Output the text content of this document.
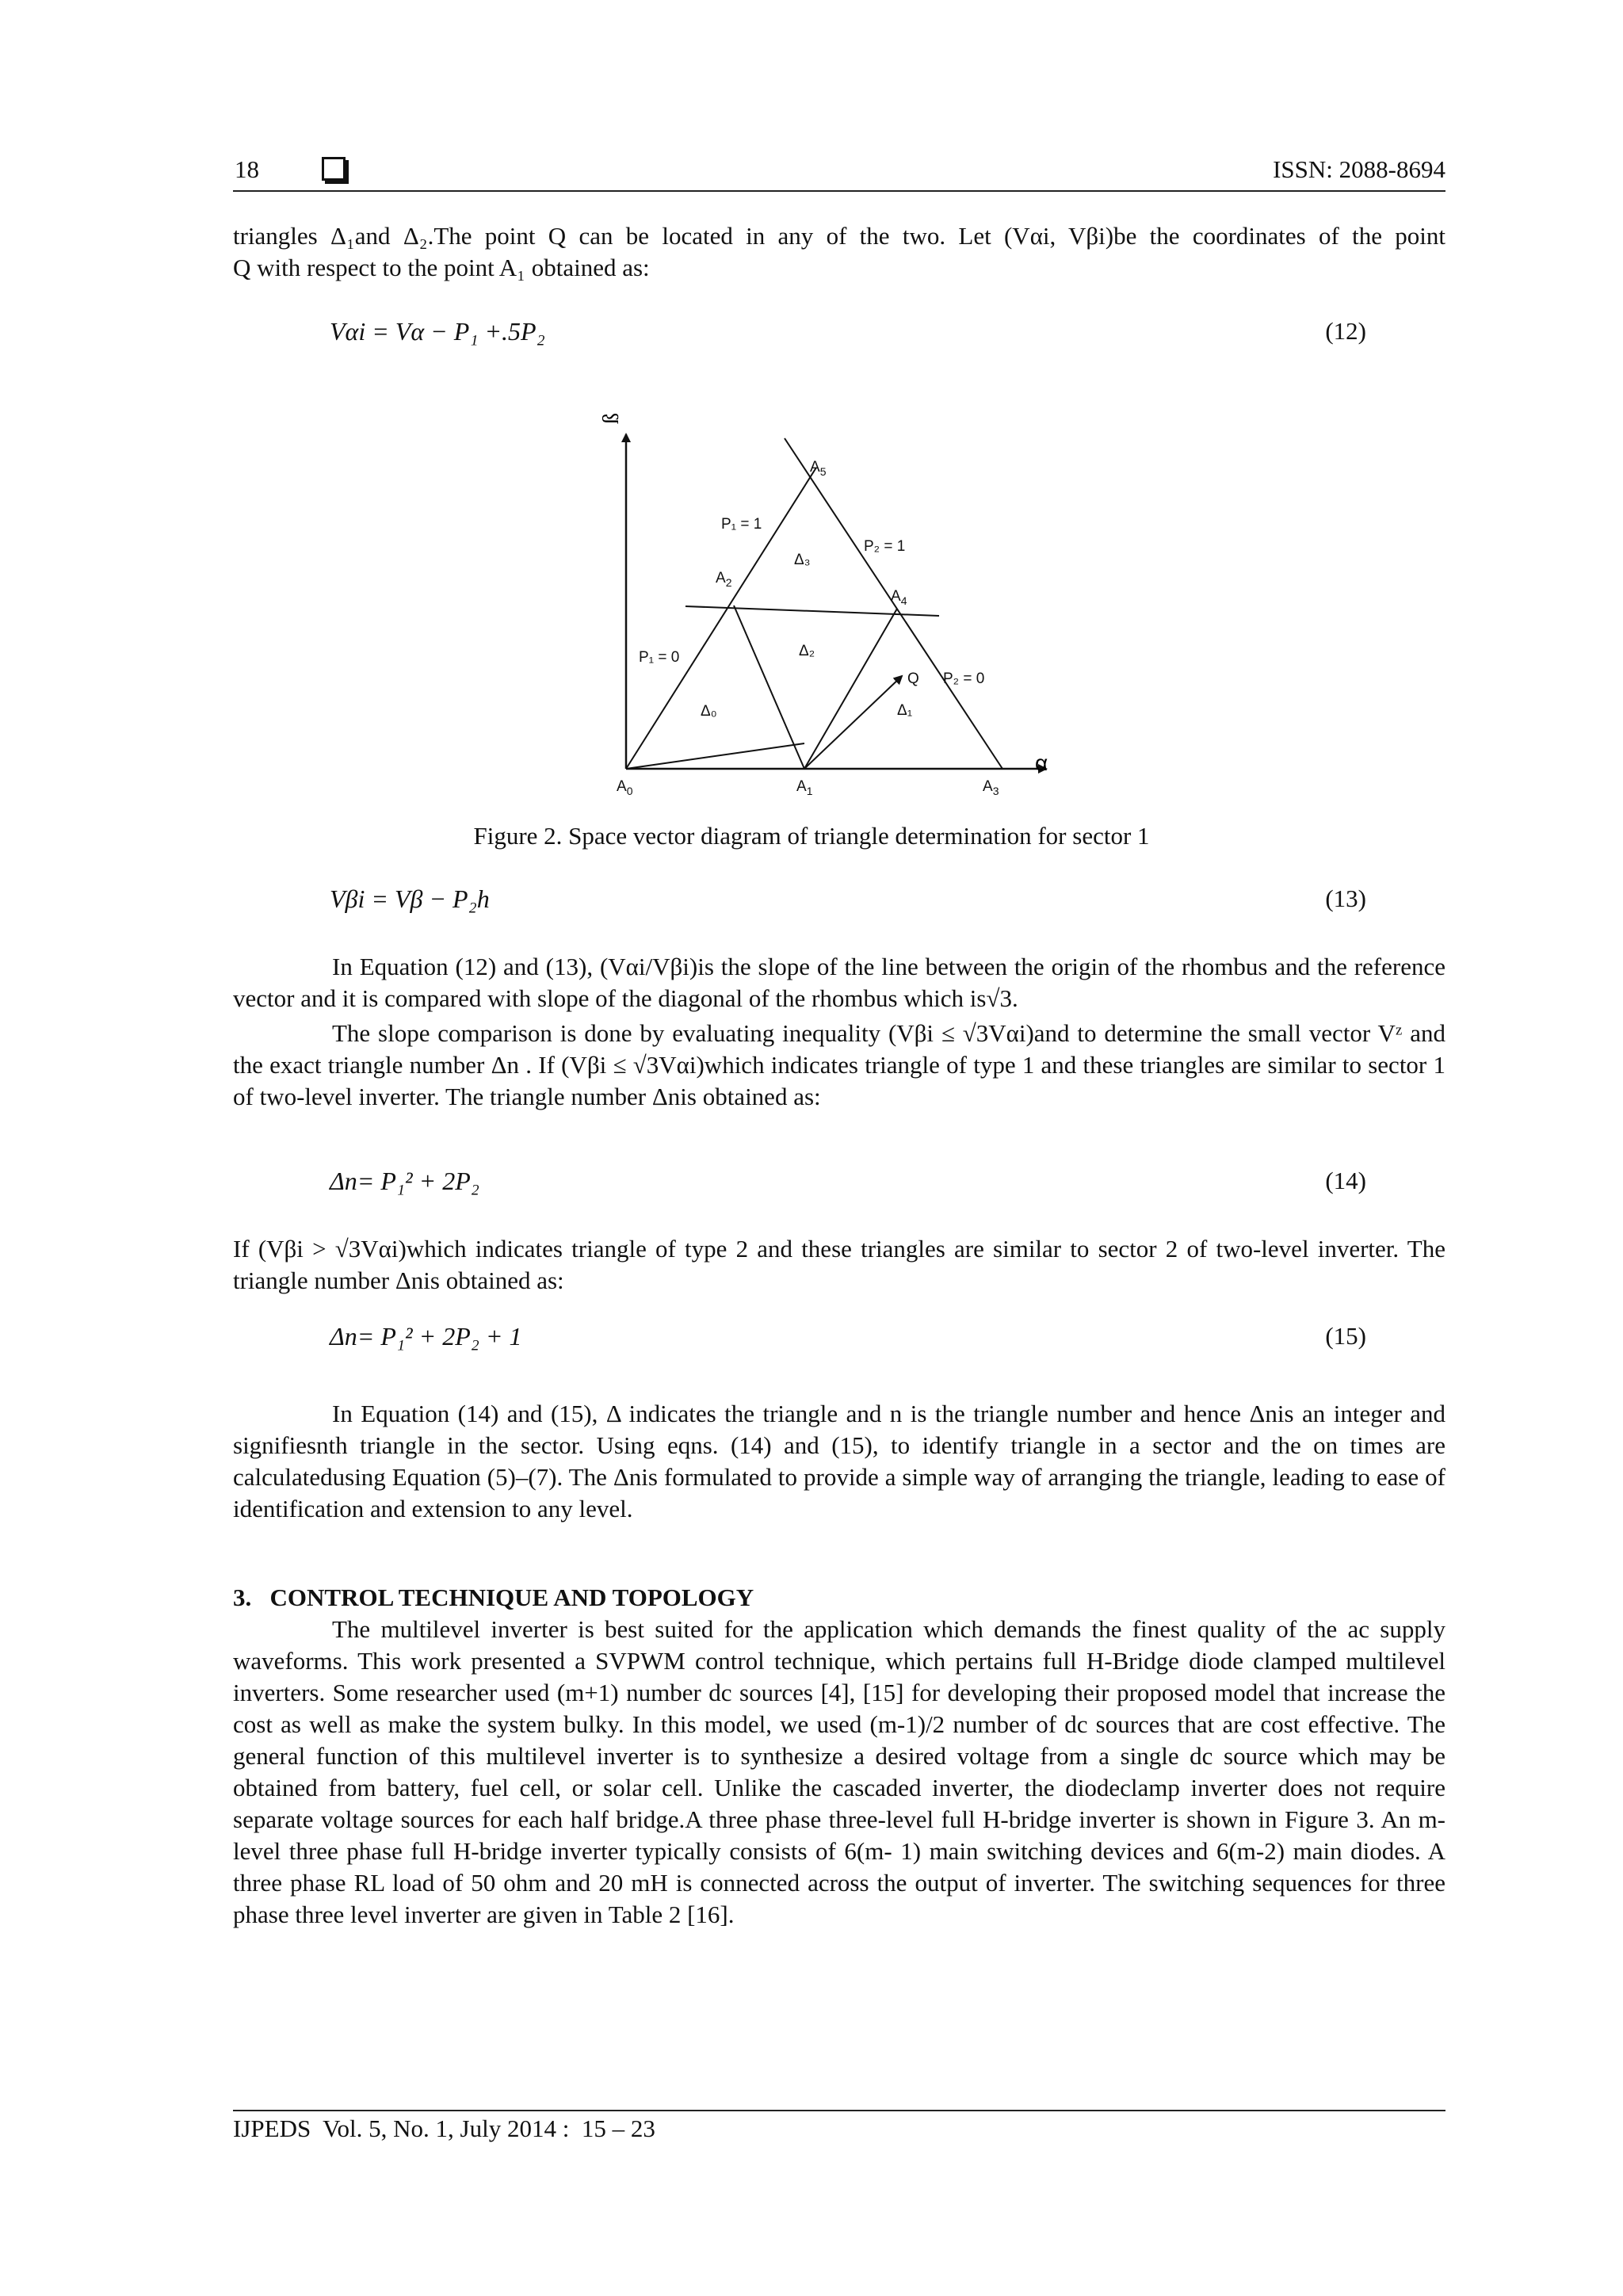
18	ISSN: 2088-8694
triangles Δ₁and Δ₂.The point Q can be located in any of the two. Let (Vαi, Vβi)be the coordinates of the point
Q with respect to the point A₁ obtained as:
Vαi = Vα − P₁ +.5P₂	(12)
$A_0$	$A_1$	$A_3$
$A_2$
$A_4$
$A_5$
Q
P₁ = 1
P₁ = 0
P₂ = 1
P₂ = 0
Δ₃
Δ₂
Δ₀	Δ₁
ß
α
Figure 2. Space vector diagram of triangle determination for sector 1
Vβi = Vβ − P₂h	(13)

In Equation (12) and (13), (Vαi/Vβi)is the slope of the line between the origin of the rhombus and the reference vector and it is compared with slope of the diagonal of the rhombus which is√3.

The slope comparison is done by evaluating inequality (Vβi ≤ √3Vαi)and to determine the small vector Vᶻ and the exact triangle number Δn . If (Vβi ≤ √3Vαi)which indicates triangle of type 1 and these triangles are similar to sector 1 of two-level inverter. The triangle number Δnis obtained as:

Δn= P₁² + 2P₂	(14)
If (Vβi > √3Vαi)which indicates triangle of type 2 and these triangles are similar to sector 2 of two-level inverter. The triangle number Δnis obtained as:
Δn= P₁² + 2P₂ + 1	(15)
In Equation (14) and (15), Δ indicates the triangle and n is the triangle number and hence Δnis an integer and signifiesnth triangle in the sector. Using eqns. (14) and (15), to identify triangle in a sector and the on times are calculatedusing Equation (5)–(7). The Δnis formulated to provide a simple way of arranging the triangle, leading to ease of identification and extension to any level.
3.   CONTROL TECHNIQUE AND TOPOLOGY

The multilevel inverter is best suited for the application which demands the finest quality of the ac supply waveforms. This work presented a SVPWM control technique, which pertains full H-Bridge diode clamped multilevel inverters. Some researcher used (m+1) number dc sources [4], [15] for developing their proposed model that increase the cost as well as make the system bulky. In this model, we used (m-1)/2 number of dc sources that are cost effective. The general function of this multilevel inverter is to synthesize a desired voltage from a single dc source which may be obtained from battery, fuel cell, or solar cell. Unlike the cascaded inverter, the diodeclamp inverter does not require separate voltage sources for each half bridge.A three phase three-level full H-bridge inverter is shown in Figure 3. An m-level three phase full H-bridge inverter typically consists of 6(m- 1) main switching devices and 6(m-2) main diodes. A three phase RL load of 50 ohm and 20 mH is connected across the output of inverter. The switching sequences for three phase three level inverter are given in Table 2 [16].

IJPEDS  Vol. 5, No. 1, July 2014 :  15 – 23
